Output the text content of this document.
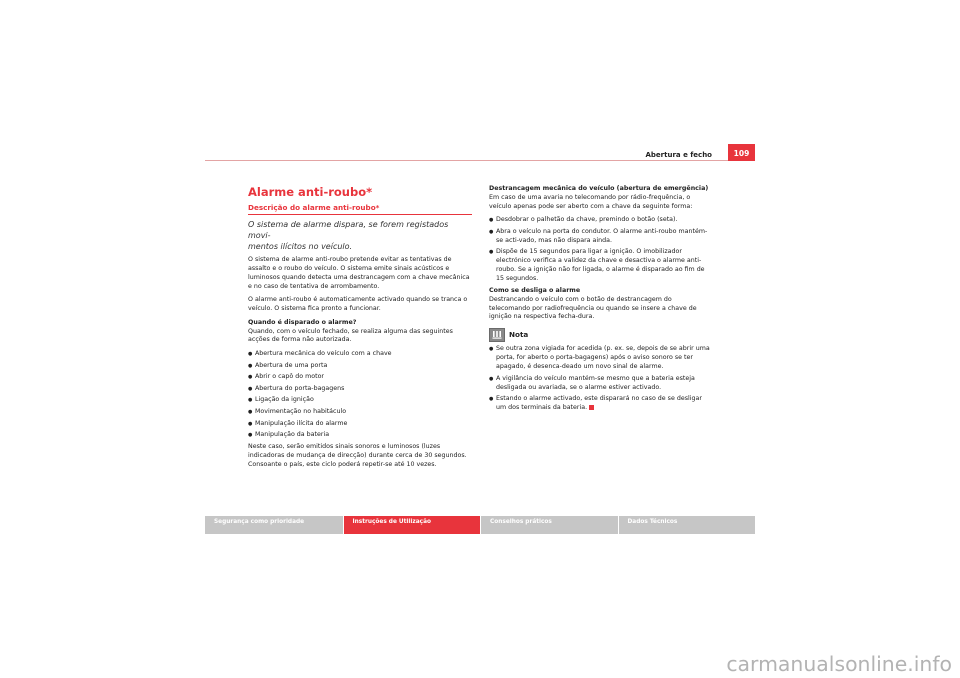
Abertura e fecho	109
Alarme anti-roubo*
Descrição do alarme anti-roubo*
O sistema de alarme dispara, se forem registados movi-
mentos ilícitos no veículo.

O sistema de alarme anti-roubo pretende evitar as tentativas de assalto e o roubo do veículo. O sistema emite sinais acústicos e luminosos quando detecta uma destrancagem com a chave mecânica e no caso de tentativa de arrombamento.

O alarme anti-roubo é automaticamente activado quando se tranca o veículo. O sistema fica pronto a funcionar.

Quando é disparado o alarme?

Quando, com o veículo fechado, se realiza alguma das seguintes acções de forma não autorizada.

● Abertura mecânica do veículo com a chave
● Abertura de uma porta
● Abrir o capô do motor
● Abertura do porta-bagagens
● Ligação da ignição
● Movimentação no habitáculo
● Manipulação ilícita do alarme
● Manipulação da bateria

Neste caso, serão emitidos sinais sonoros e luminosos (luzes indicadoras de mudança de direcção) durante cerca de 30 segundos. Consoante o país, este ciclo poderá repetir-se até 10 vezes.

Destrancagem mecânica do veículo (abertura de emergência)

Em caso de uma avaria no telecomando por rádio-frequência, o veículo apenas pode ser aberto com a chave da seguinte forma:

● Desdobrar o palhetão da chave, premindo o botão (seta).
● Abra o veículo na porta do condutor. O alarme anti-roubo mantém-se acti-vado, mas não dispara ainda.
● Dispõe de 15 segundos para ligar a ignição. O imobilizador electrónico verifica a validez da chave e desactiva o alarme anti-roubo. Se a ignição não for ligada, o alarme é disparado ao fim de 15 segundos.

Como se desliga o alarme

Destrancando o veículo com o botão de destrancagem do telecomando por radiofrequência ou quando se insere a chave de ignição na respectiva fecha-dura.

Nota
● Se outra zona vigiada for acedida (p. ex. se, depois de se abrir uma porta, for aberto o porta-bagagens) após o aviso sonoro se ter apagado, é desenca-deado um novo sinal de alarme.
● A vigilância do veículo mantém-se mesmo que a bateria esteja desligada ou avariada, se o alarme estiver activado.
● Estando o alarme activado, este disparará no caso de se desligar um dos terminais da bateria.
Segurança como prioridade	Instruções de Utilização	Conselhos práticos	Dados Técnicos
carmanualsonline.info
